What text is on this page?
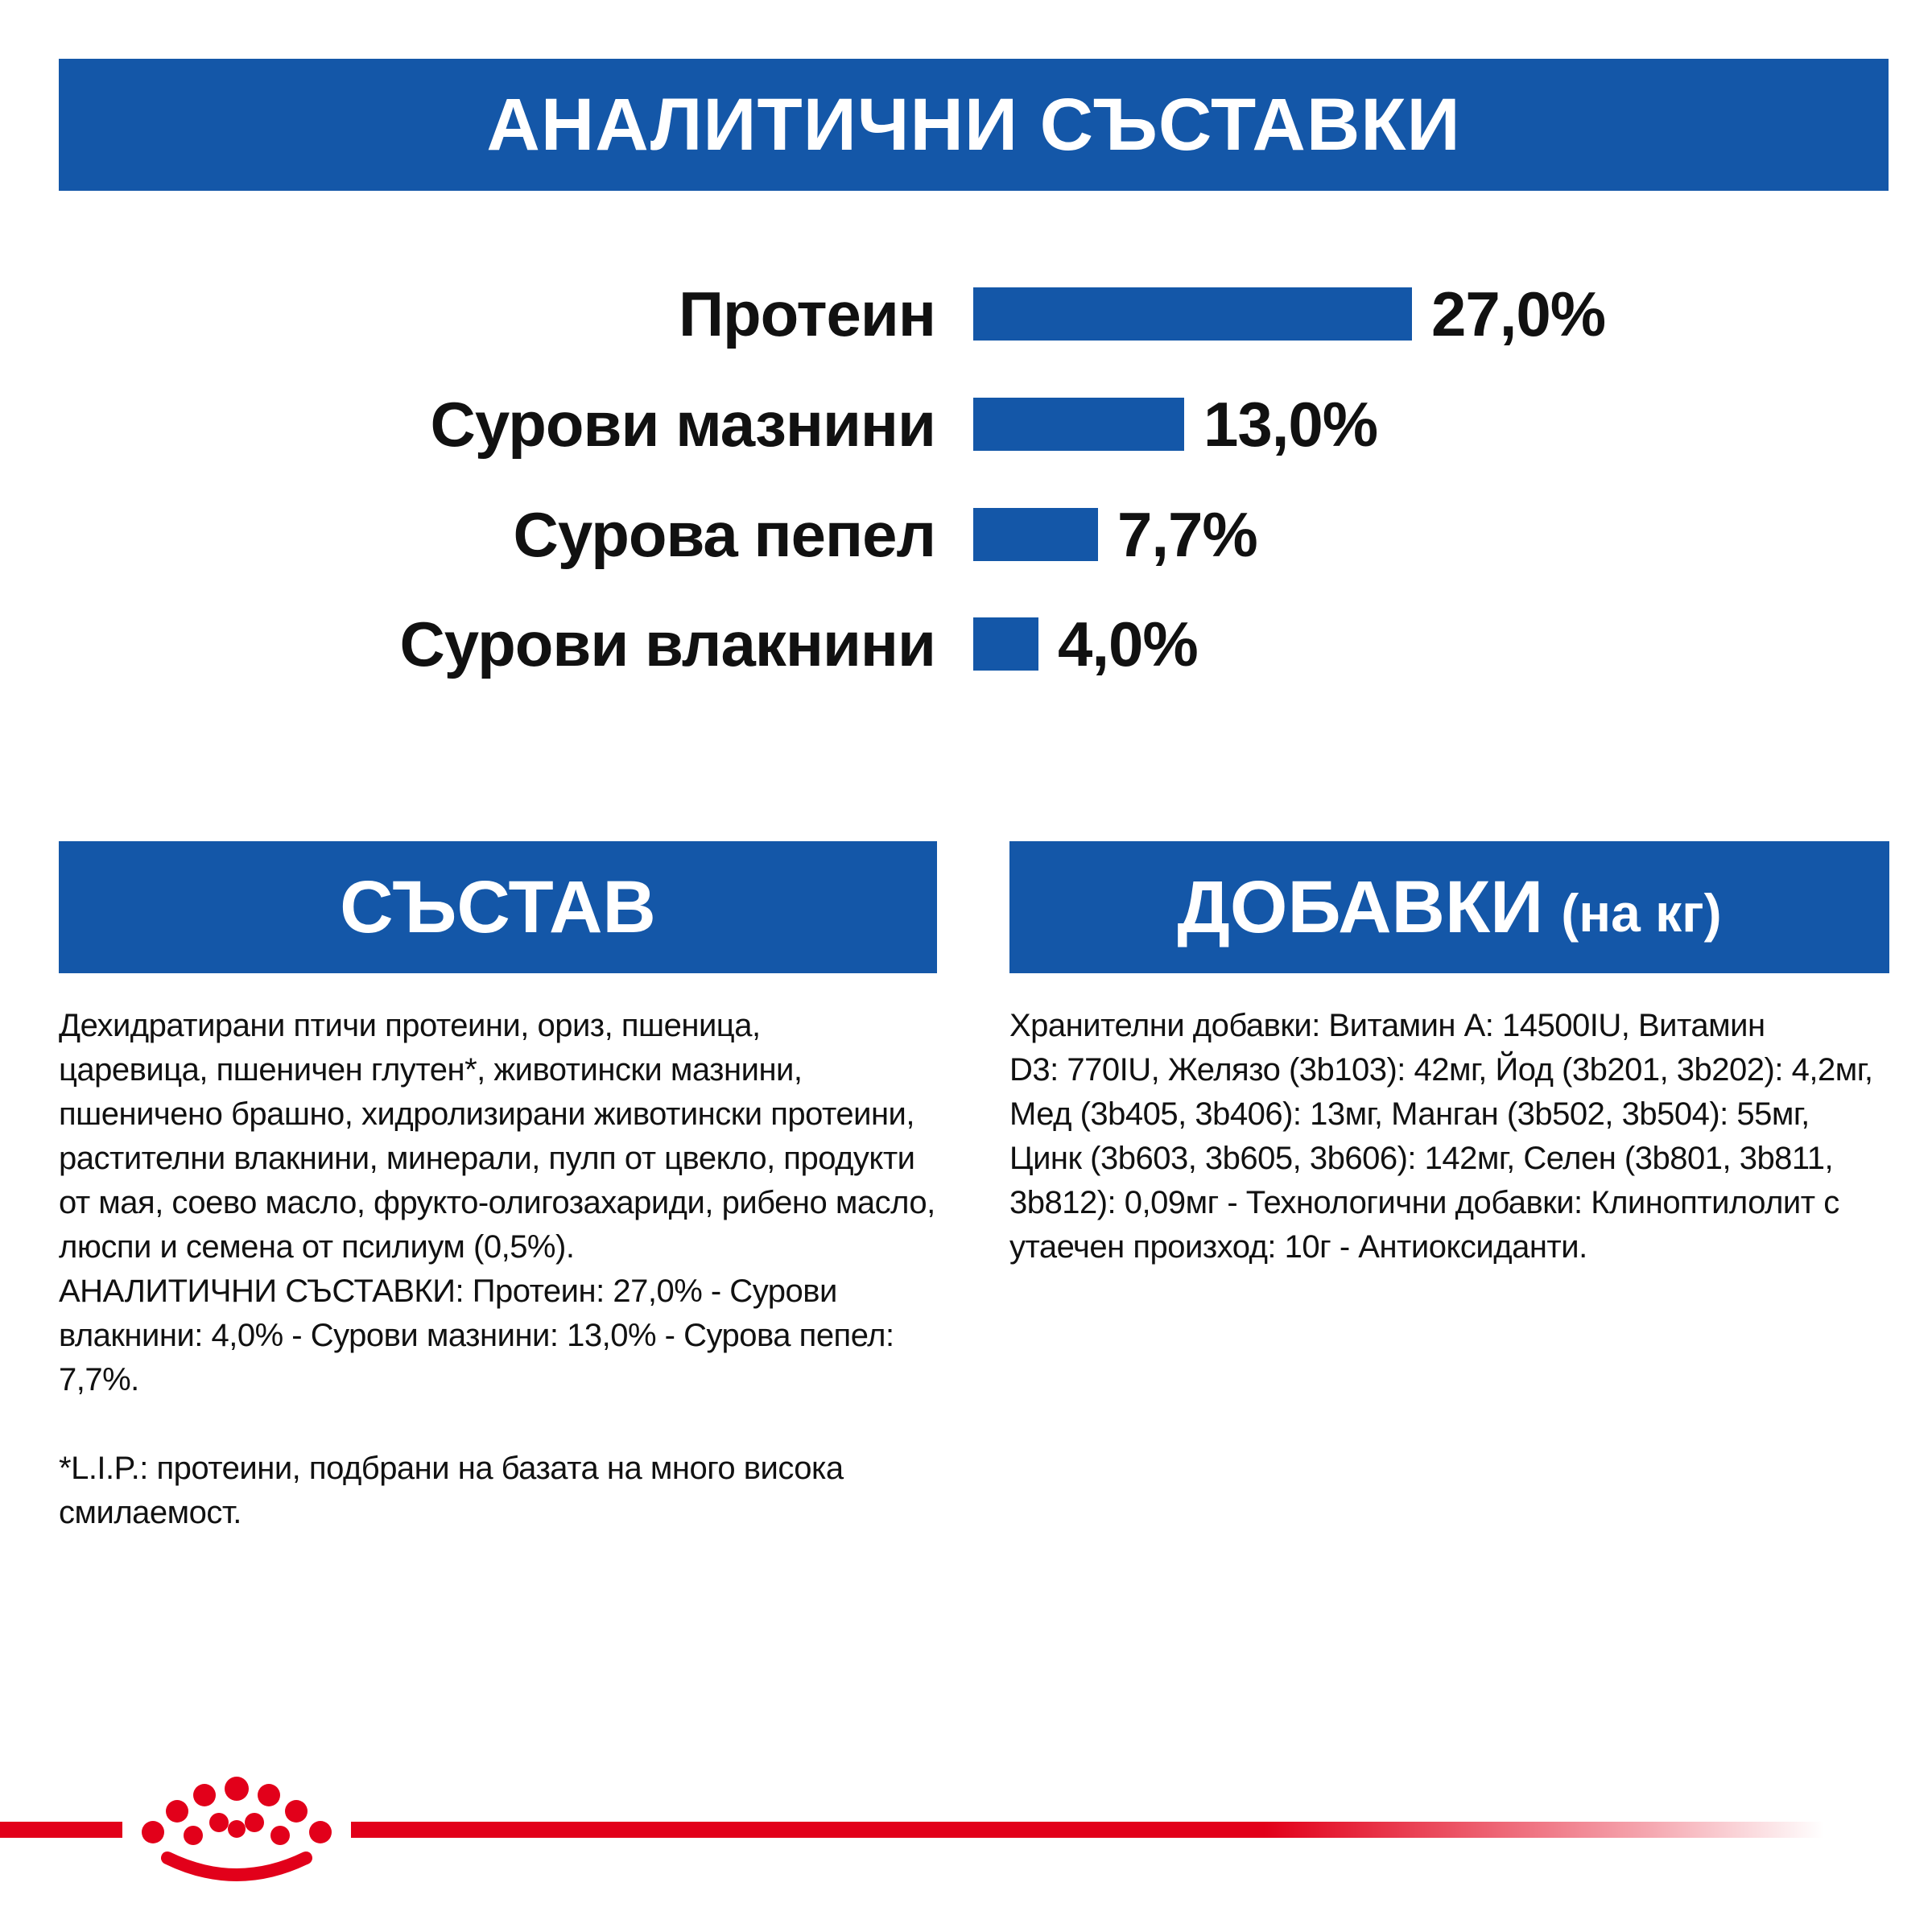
АНАЛИТИЧНИ СЪСТАВКИ
Протеин	27,0%
Сурови мазнини	13,0%
Сурова пепел	7,7%
Сурови влакнини 4,0%
СЪСТАВ	ДОБАВКИ (на кг)

Дехидратирани птичи протеини, ориз, пшеница,
царевица, пшеничен глутен*, животински мазнини,
пшеничено брашно, хидролизирани животински протеини,
растителни влакнини, минерали, пулп от цвекло, продукти
от мая, соево масло, фрукто-олигозахариди, рибено масло,
люспи и семена от псилиум (0,5%).
АНАЛИТИЧНИ СЪСТАВКИ: Протеин: 27,0% - Сурови
влакнини: 4,0% - Сурови мазнини: 13,0% - Сурова пепел: 7,7%.

*L.I.P.: протеини, подбрани на базата на много висока
смилаемост.

Хранителни добавки: Витамин A: 14500IU, Витамин
D3: 770IU, Желязо (3b103): 42мг, Йод (3b201, 3b202): 4,2мг,
Мед (3b405, 3b406): 13мг, Манган (3b502, 3b504): 55мг,
Цинк (3b603, 3b605, 3b606): 142мг, Селен (3b801, 3b811,
3b812): 0,09мг - Технологични добавки: Клиноптилолит с
утаечен произход: 10г - Антиоксиданти.
